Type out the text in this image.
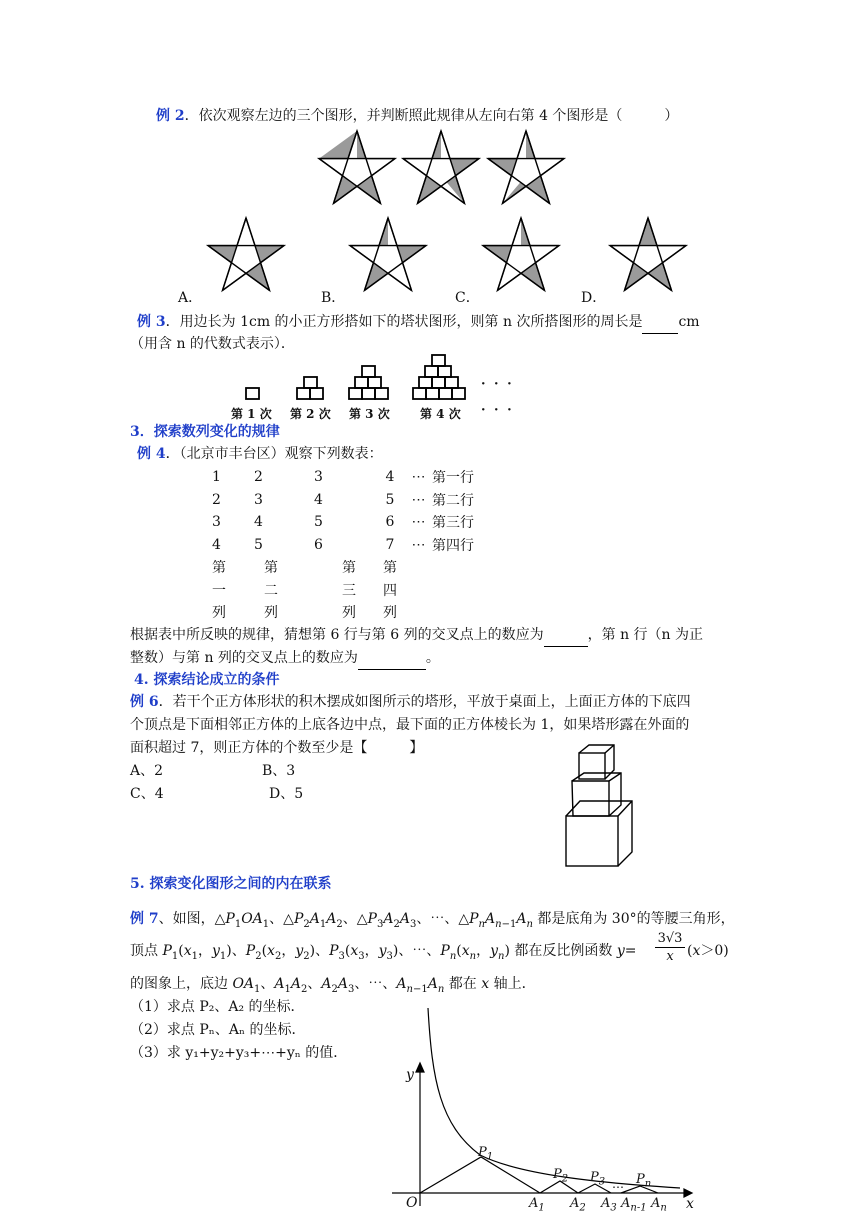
例 2．依次观察左边的三个图形，并判断照此规律从左向右第 4 个图形是（　　　）
A．	B．	C．	D．
例 3．用边长为 1cm 的小正方形搭如下的塔状图形，则第 n 次所搭图形的周长是	cm
（用含 n 的代数式表示）．
· · ·
第 1 次 第 2 次 第 3 次	第 4 次 · · ·
3．探索数列变化的规律
例 4．（北京市丰台区）观察下列数表：
1	2	3	4	⋯	第一行
2	3	4	5	⋯	第二行
3	4	5	6	⋯	第三行
4	5	6	7	⋯	第四行
第	第	第	第		
一	二	三	四		
列	列	列	列		
根据表中所反映的规律，猜想第 6 行与第 6 列的交叉点上的数应为	，第 n 行（n 为正
整数）与第 n 列的交叉点上的数应为	。
4. 探索结论成立的条件
例 6．若干个正方体形状的积木摆成如图所示的塔形，平放于桌面上，上面正方体的下底四
个顶点是下面相邻正方体的上底各边中点，最下面的正方体棱长为 1，如果塔形露在外面的
面积超过 7，则正方体的个数至少是【　　　】
A、2	B、3
C、4	D、5
5. 探索变化图形之间的内在联系
例 7、如图，$\triangle P_1OA_1$、$\triangle P_2A_1A_2$、$\triangle P_3A_2A_3$、⋯、$\triangle P_nA_{n-1}A_n$ 都是底角为 30°的等腰三角形，
顶点 $P_1(x_1$，$y_1$)、$P_2(x_2$，$y_2$)、$P_3(x_3$，$y_3$)、⋯、$P_n(x_n$，$y_n$) 都在反比例函数 y=
3√3
x (x＞0)
的图象上，底边 $OA_1$、$A_1A_2$、$A_2A_3$、⋯、$A_{n-1}A_n$ 都在 x 轴上．
（1）求点 P₂、A₂ 的坐标．
（2）求点 Pₙ、Aₙ 的坐标．
（3）求 y₁+y₂+y₃+⋯+yₙ 的值．
y
x
O
$P_1$
$P_2$ $P_3$ ⋯ $P_n$
$A_1$ $A_2$ $A_3$ $A_{n-1}$ $A_n$
